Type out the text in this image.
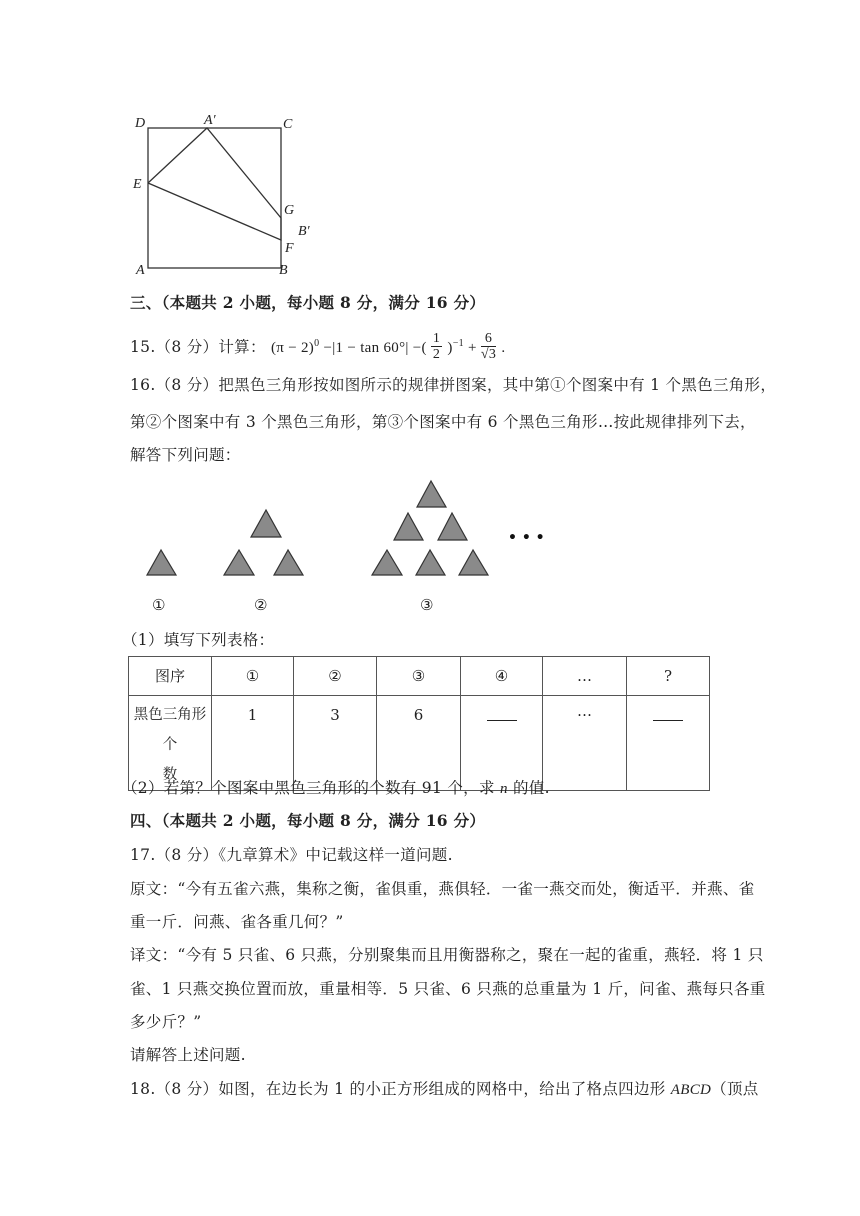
D	A′	C
E
G
B′
F
A	B
三、（本题共 2 小题，每小题 8 分，满分 16 分）
15.（8 分）计算： $(\pi - 2)^0 -|1 - \tan 60^\circ|$ −( $\frac{1}{2} )^{-1} + \frac{6}{√3}$ .
16.（8 分）把黑色三角形按如图所示的规律拼图案，其中第①个图案中有 1 个黑色三角形，
第②个图案中有 3 个黑色三角形，第③个图案中有 6 个黑色三角形…按此规律排列下去，
解答下列问题：
①	②	③
• • •
（1）填写下列表格：
图序	①	②	③	④	…	?

黑色三角形个
数	1	3	6		…	

（2）若第？个图案中黑色三角形的个数有 91 个，求 n 的值.
四、（本题共 2 小题，每小题 8 分，满分 16 分）
17.（8 分）《九章算术》中记载这样一道问题.
原文：“今有五雀六燕，集称之衡，雀俱重，燕俱轻．一雀一燕交而处，衡适平．并燕、雀
重一斤．问燕、雀各重几何？”
译文：“今有 5 只雀、6 只燕，分别聚集而且用衡器称之，聚在一起的雀重，燕轻．将 1 只
雀、1 只燕交换位置而放，重量相等．5 只雀、6 只燕的总重量为 1 斤，问雀、燕每只各重
多少斤？”
请解答上述问题.
18.（8 分）如图，在边长为 1 的小正方形组成的网格中，给出了格点四边形 ABCD（顶点
